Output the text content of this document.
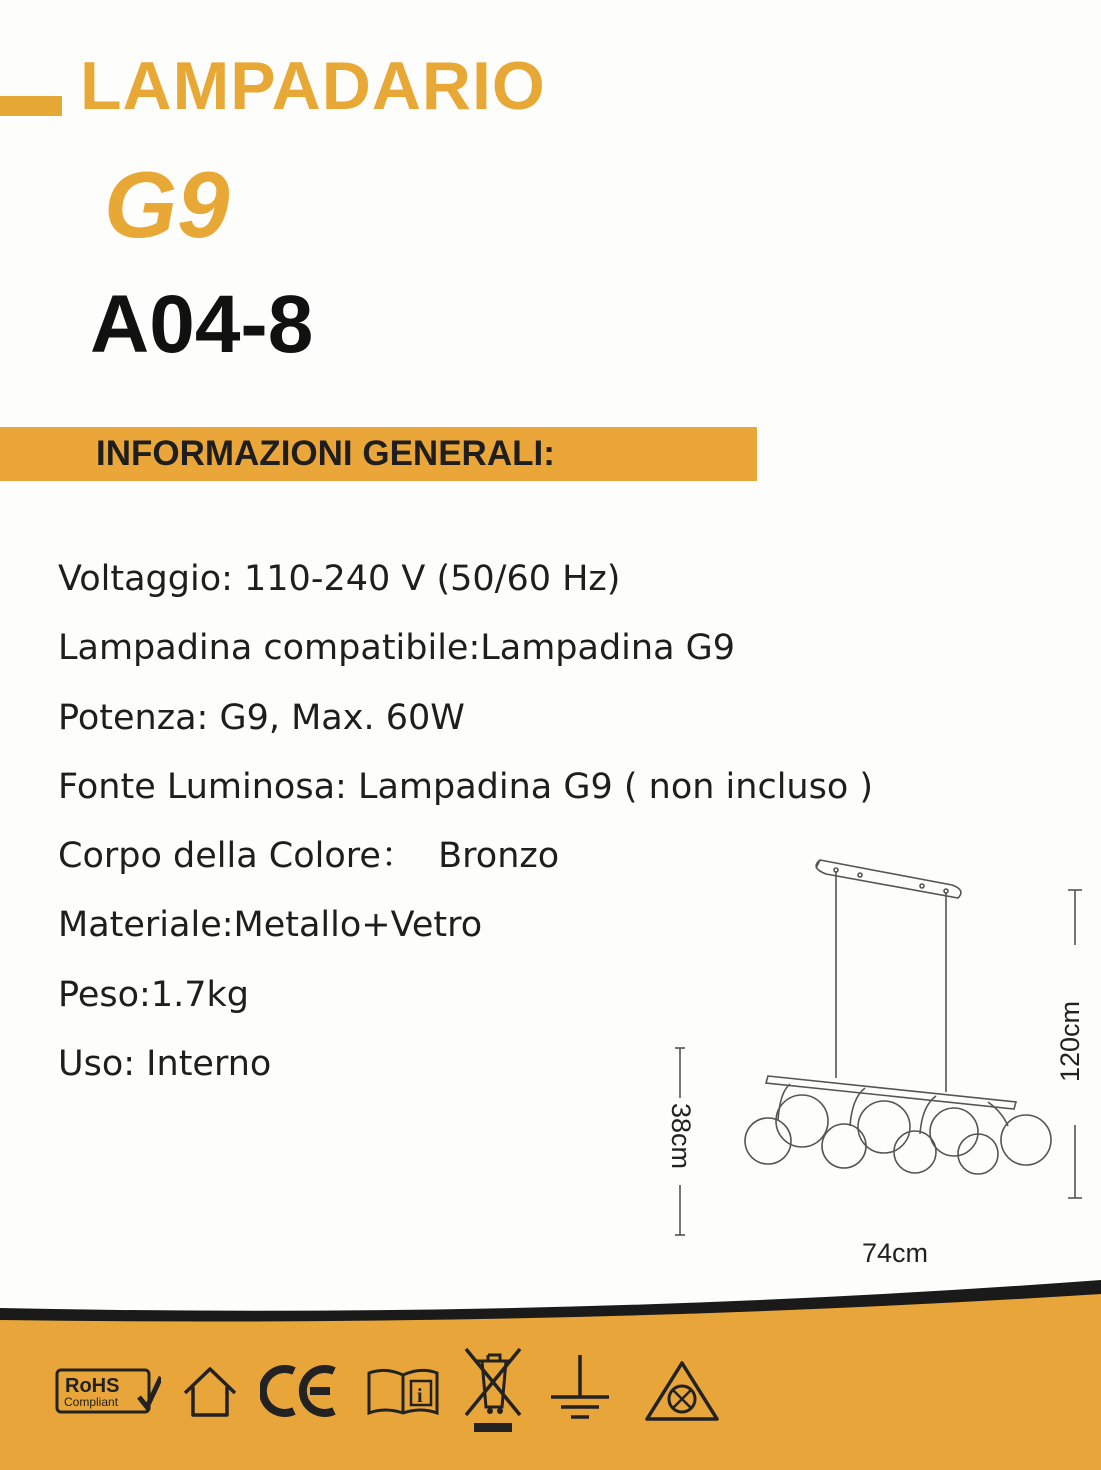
LAMPADARIO
G9
A04-8
INFORMAZIONI GENERALI:
Voltaggio: 110-240 V (50/60 Hz)
Lampadina compatibile:Lampadina G9
Potenza: G9, Max. 60W
Fonte Luminosa: Lampadina G9 ( non incluso )
Corpo della Colore：  Bronzo
Materiale:Metallo+Vetro
Peso:1.7kg
Uso: Interno	120cm
38cm
74cm
RoHS
Compliant	i
